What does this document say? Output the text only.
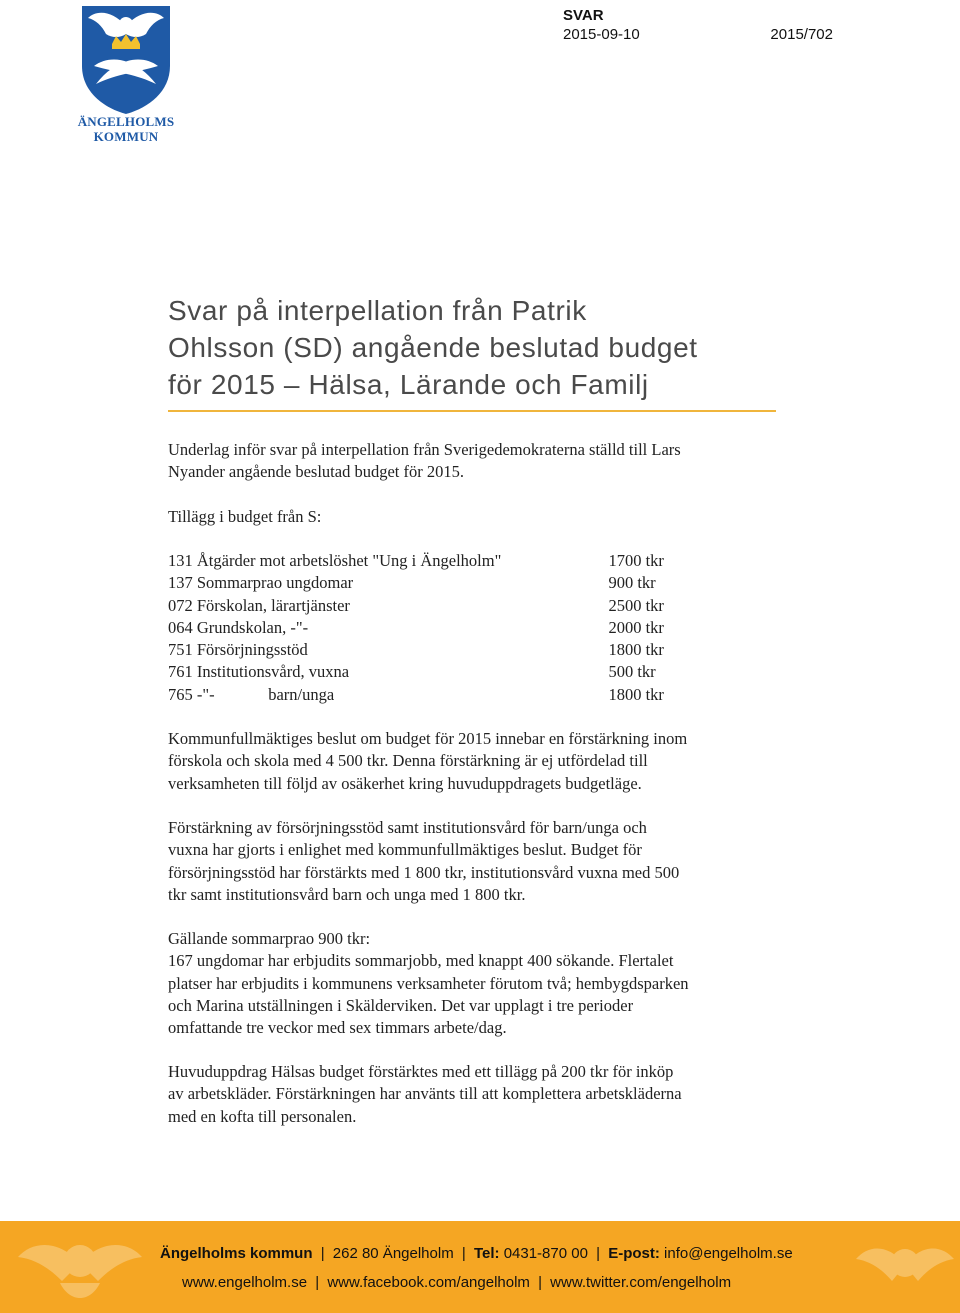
ÄNGELHOLMS
KOMMUN
SVAR
2015-09-10	2015/702
Svar på interpellation från Patrik
Ohlsson (SD) angående beslutad budget
för 2015 – Hälsa, Lärande och Familj

Underlag inför svar på interpellation från Sverigedemokraterna ställd till Lars

Nyander angående beslutad budget för 2015.

Tillägg i budget från S:
131 Åtgärder mot arbetslöshet "Ung i Ängelholm"	1700 tkr
137 Sommarprao ungdomar	900 tkr
072 Förskolan, lärartjänster	2500 tkr
064 Grundskolan, -"-	2000 tkr
751 Försörjningsstöd	1800 tkr
761 Institutionsvård, vuxna	500 tkr
765 -"-             barn/unga	1800 tkr

Kommunfullmäktiges beslut om budget för 2015 innebar en förstärkning inom

förskola och skola med 4 500 tkr. Denna förstärkning är ej utfördelad till

verksamheten till följd av osäkerhet kring huvuduppdragets budgetläge.

Förstärkning av försörjningsstöd samt institutionsvård för barn/unga och

vuxna har gjorts i enlighet med kommunfullmäktiges beslut. Budget för

försörjningsstöd har förstärkts med 1 800 tkr, institutionsvård vuxna med 500

tkr samt institutionsvård barn och unga med 1 800 tkr.

Gällande sommarprao 900 tkr:

167 ungdomar har erbjudits sommarjobb, med knappt 400 sökande. Flertalet

platser har erbjudits i kommunens verksamheter förutom två; hembygdsparken

och Marina utställningen i Skälderviken. Det var upplagt i tre perioder

omfattande tre veckor med sex timmars arbete/dag.

Huvuduppdrag Hälsas budget förstärktes med ett tillägg på 200 tkr för inköp

av arbetskläder. Förstärkningen har använts till att komplettera arbetskläderna

med en kofta till personalen.

Ängelholms kommun | 262 80 Ängelholm | Tel: 0431-870 00 | E-post: info@engelholm.se
www.engelholm.se | www.facebook.com/angelholm | www.twitter.com/engelholm
